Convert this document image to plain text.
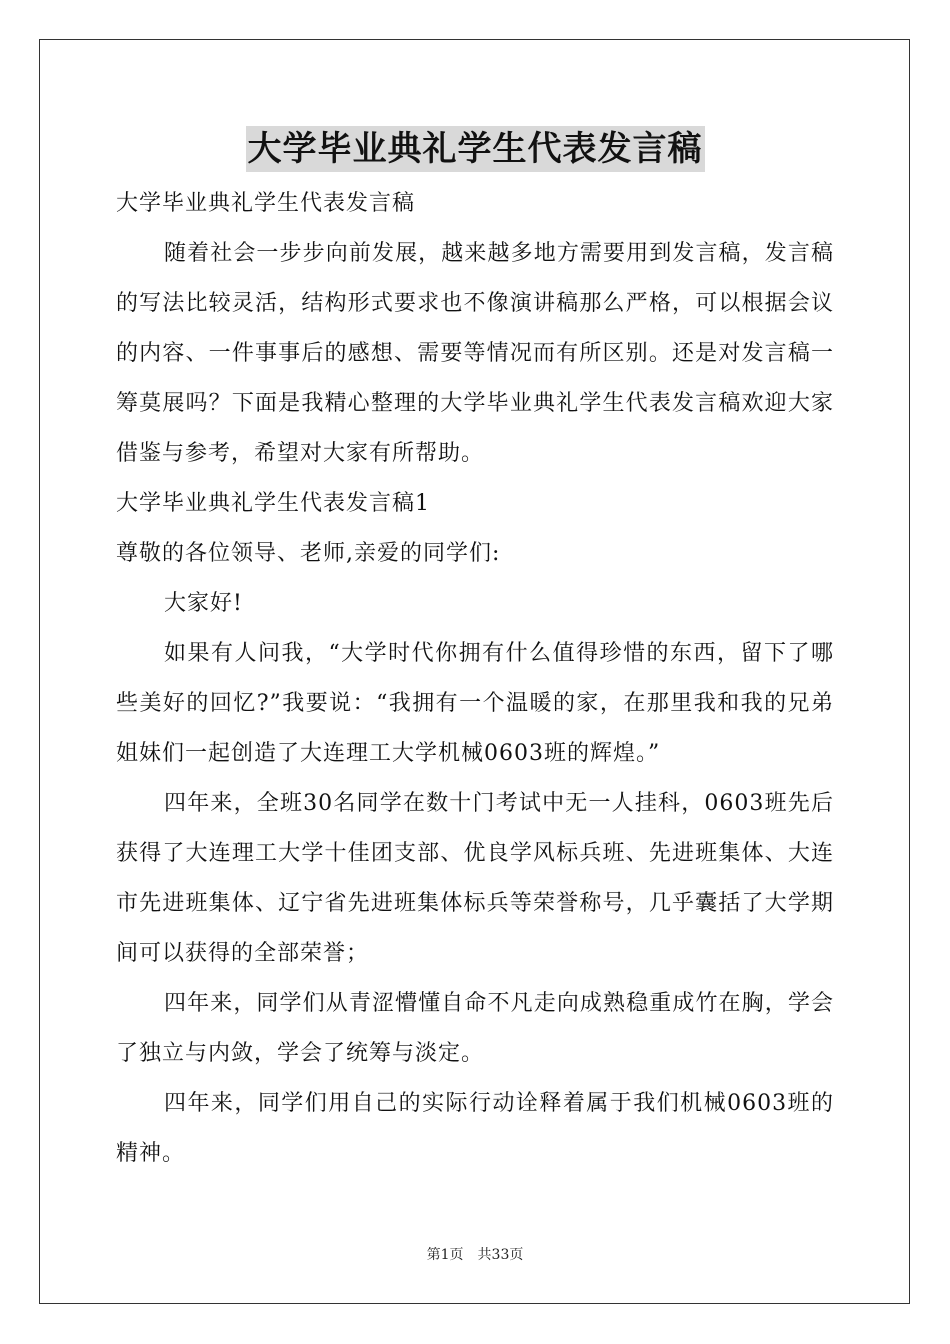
大学毕业典礼学生代表发言稿

大学毕业典礼学生代表发言稿

随着社会一步步向前发展，越来越多地方需要用到发言稿，发言稿的写法比较灵活，结构形式要求也不像演讲稿那么严格，可以根据会议的内容、一件事事后的感想、需要等情况而有所区别。还是对发言稿一筹莫展吗？下面是我精心整理的大学毕业典礼学生代表发言稿欢迎大家借鉴与参考，希望对大家有所帮助。

大学毕业典礼学生代表发言稿1

尊敬的各位领导、老师,亲爱的同学们:

大家好!

如果有人问我，“大学时代你拥有什么值得珍惜的东西，留下了哪些美好的回忆?”我要说：“我拥有一个温暖的家，在那里我和我的兄弟姐妹们一起创造了大连理工大学机械0603班的辉煌。”

四年来，全班30名同学在数十门考试中无一人挂科，0603班先后获得了大连理工大学十佳团支部、优良学风标兵班、先进班集体、大连市先进班集体、辽宁省先进班集体标兵等荣誉称号，几乎囊括了大学期间可以获得的全部荣誉；

四年来，同学们从青涩懵懂自命不凡走向成熟稳重成竹在胸，学会了独立与内敛，学会了统筹与淡定。

四年来，同学们用自己的实际行动诠释着属于我们机械0603班的精神。

第1页 共33页
